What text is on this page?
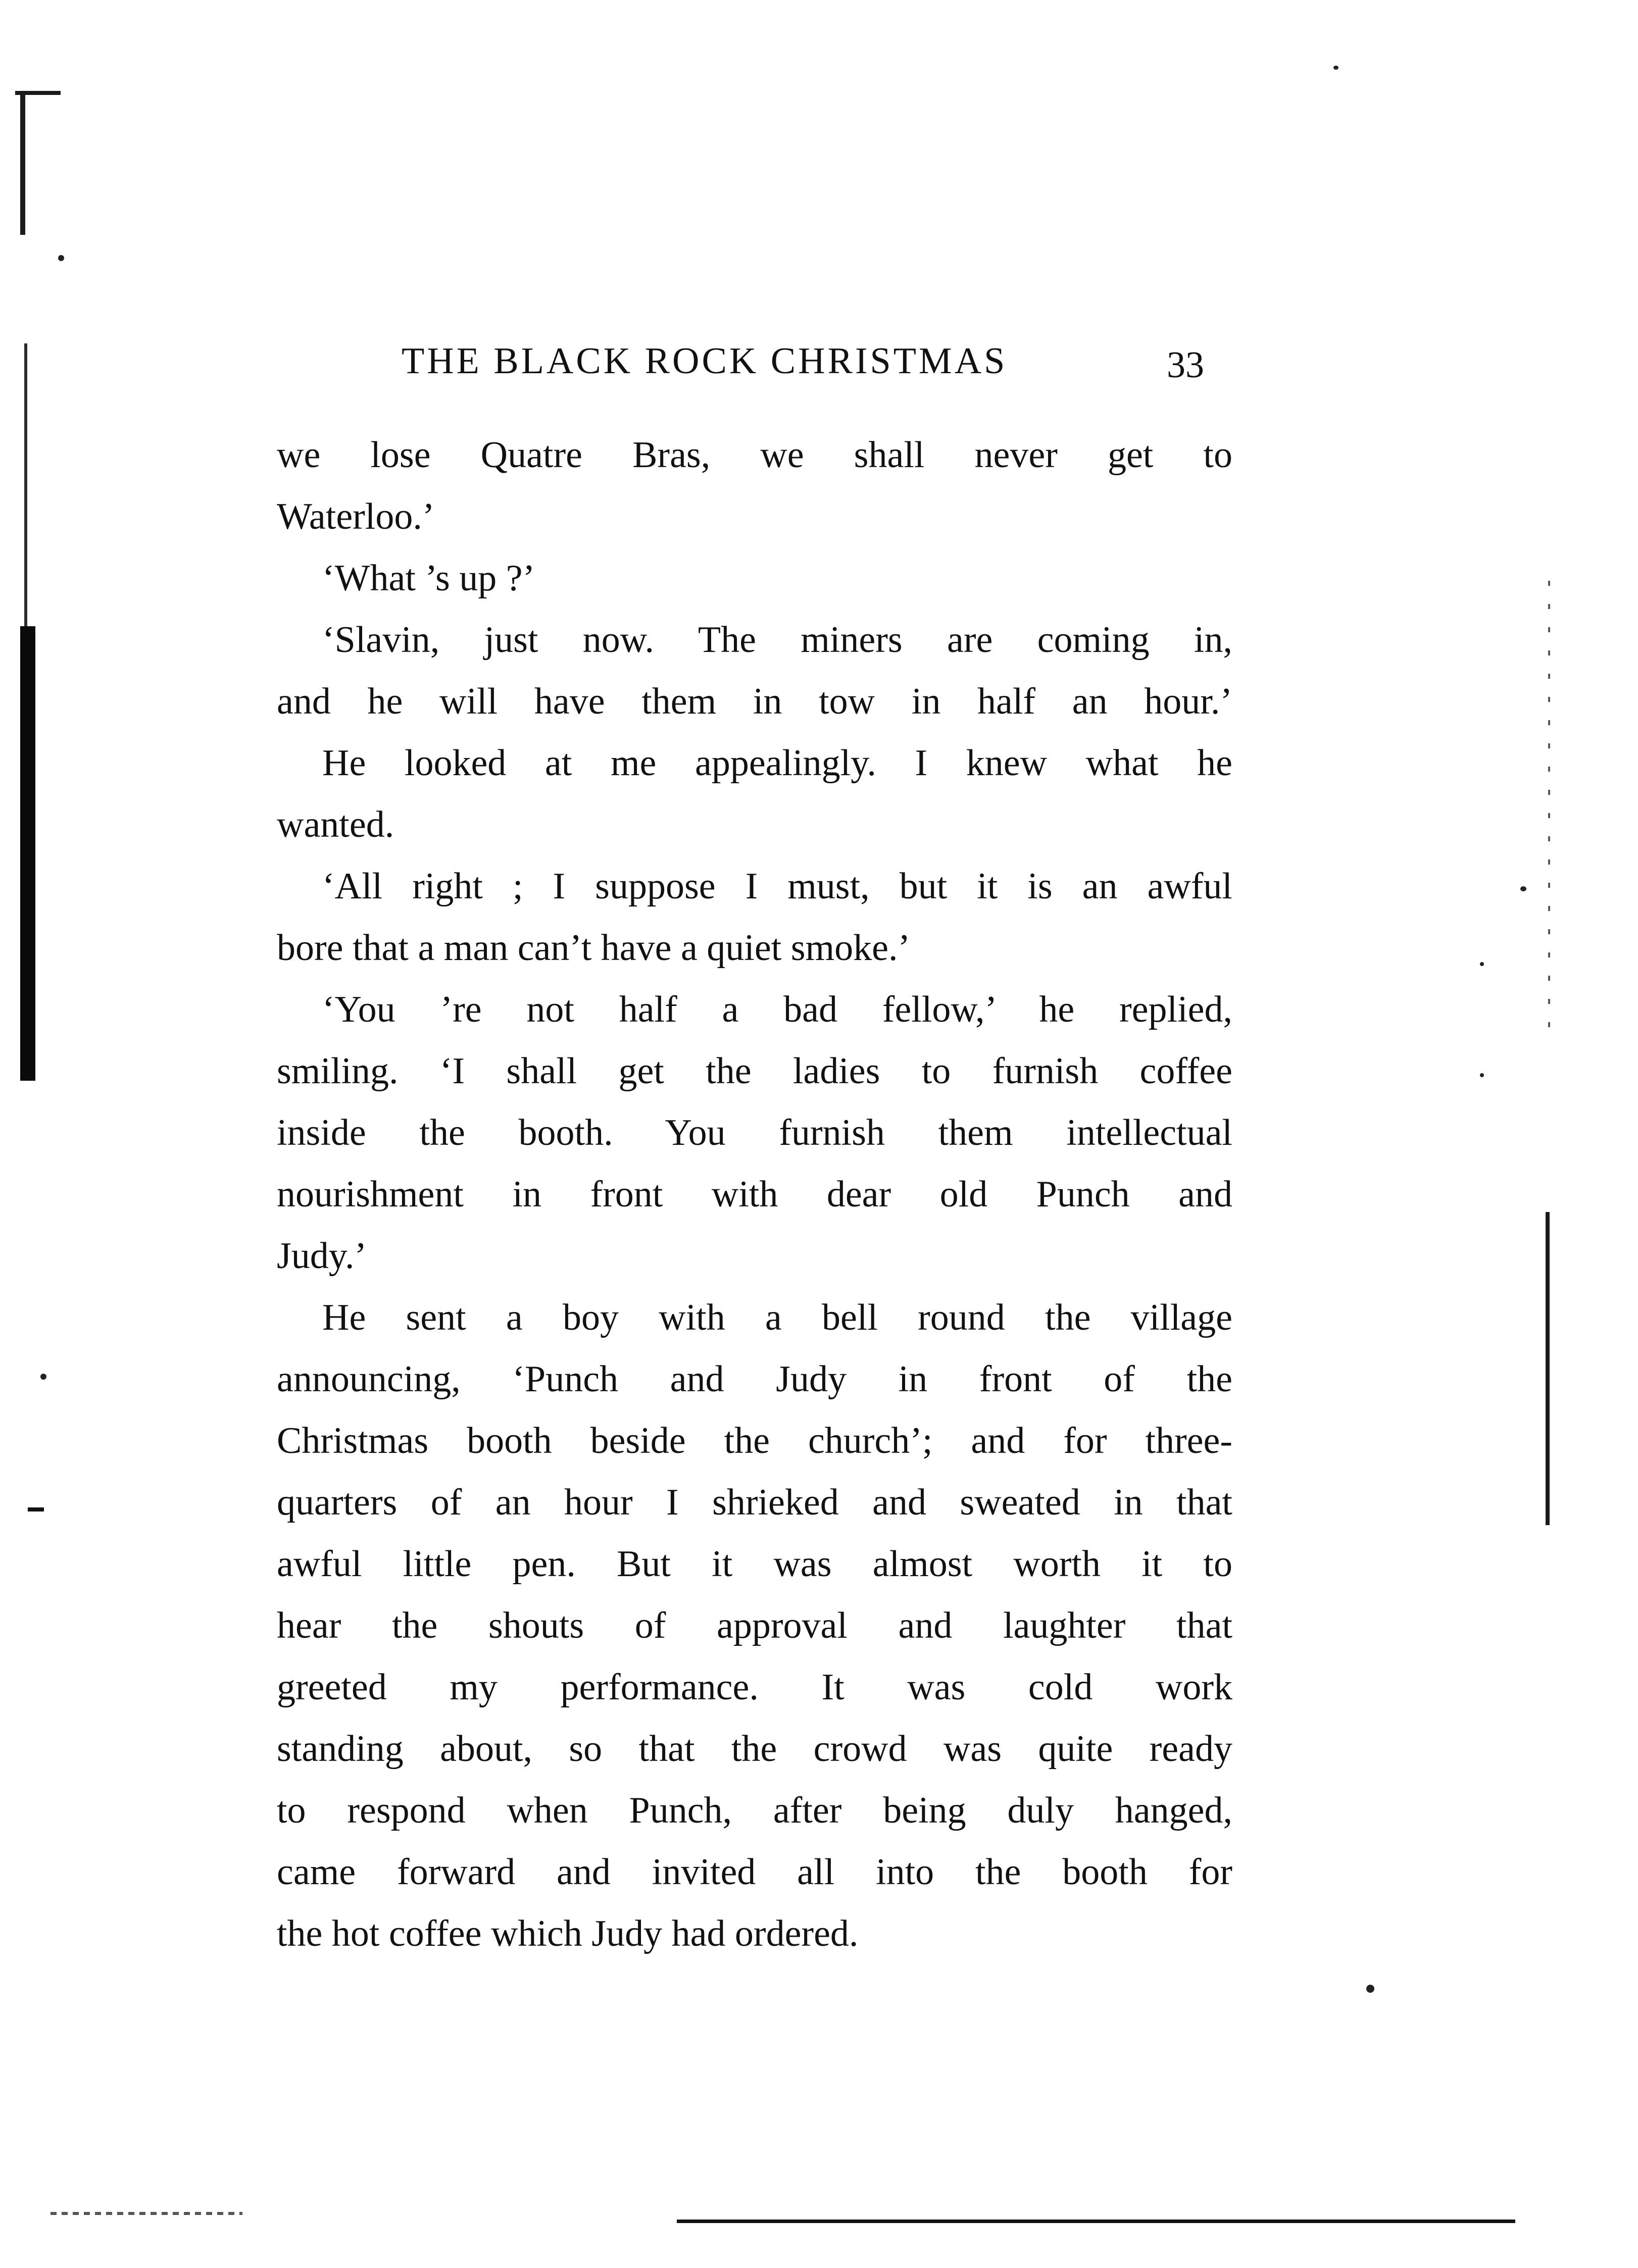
THE BLACK ROCK CHRISTMAS	33
we lose Quatre Bras, we shall never get to
Waterloo.’
‘What ’s up ?’
‘Slavin, just now. The miners are coming in,
and he will have them in tow in half an hour.’
He looked at me appealingly. I knew what he
wanted.
‘All right ; I suppose I must, but it is an awful
bore that a man can’t have a quiet smoke.’
‘You ’re not half a bad fellow,’ he replied,
smiling. ‘I shall get the ladies to furnish coffee
inside the booth. You furnish them intellectual
nourishment in front with dear old Punch and
Judy.’
He sent a boy with a bell round the village
announcing, ‘Punch and Judy in front of the
Christmas booth beside the church’; and for three-
quarters of an hour I shrieked and sweated in that
awful little pen. But it was almost worth it to
hear the shouts of approval and laughter that
greeted my performance. It was cold work
standing about, so that the crowd was quite ready
to respond when Punch, after being duly hanged,
came forward and invited all into the booth for
the hot coffee which Judy had ordered.
